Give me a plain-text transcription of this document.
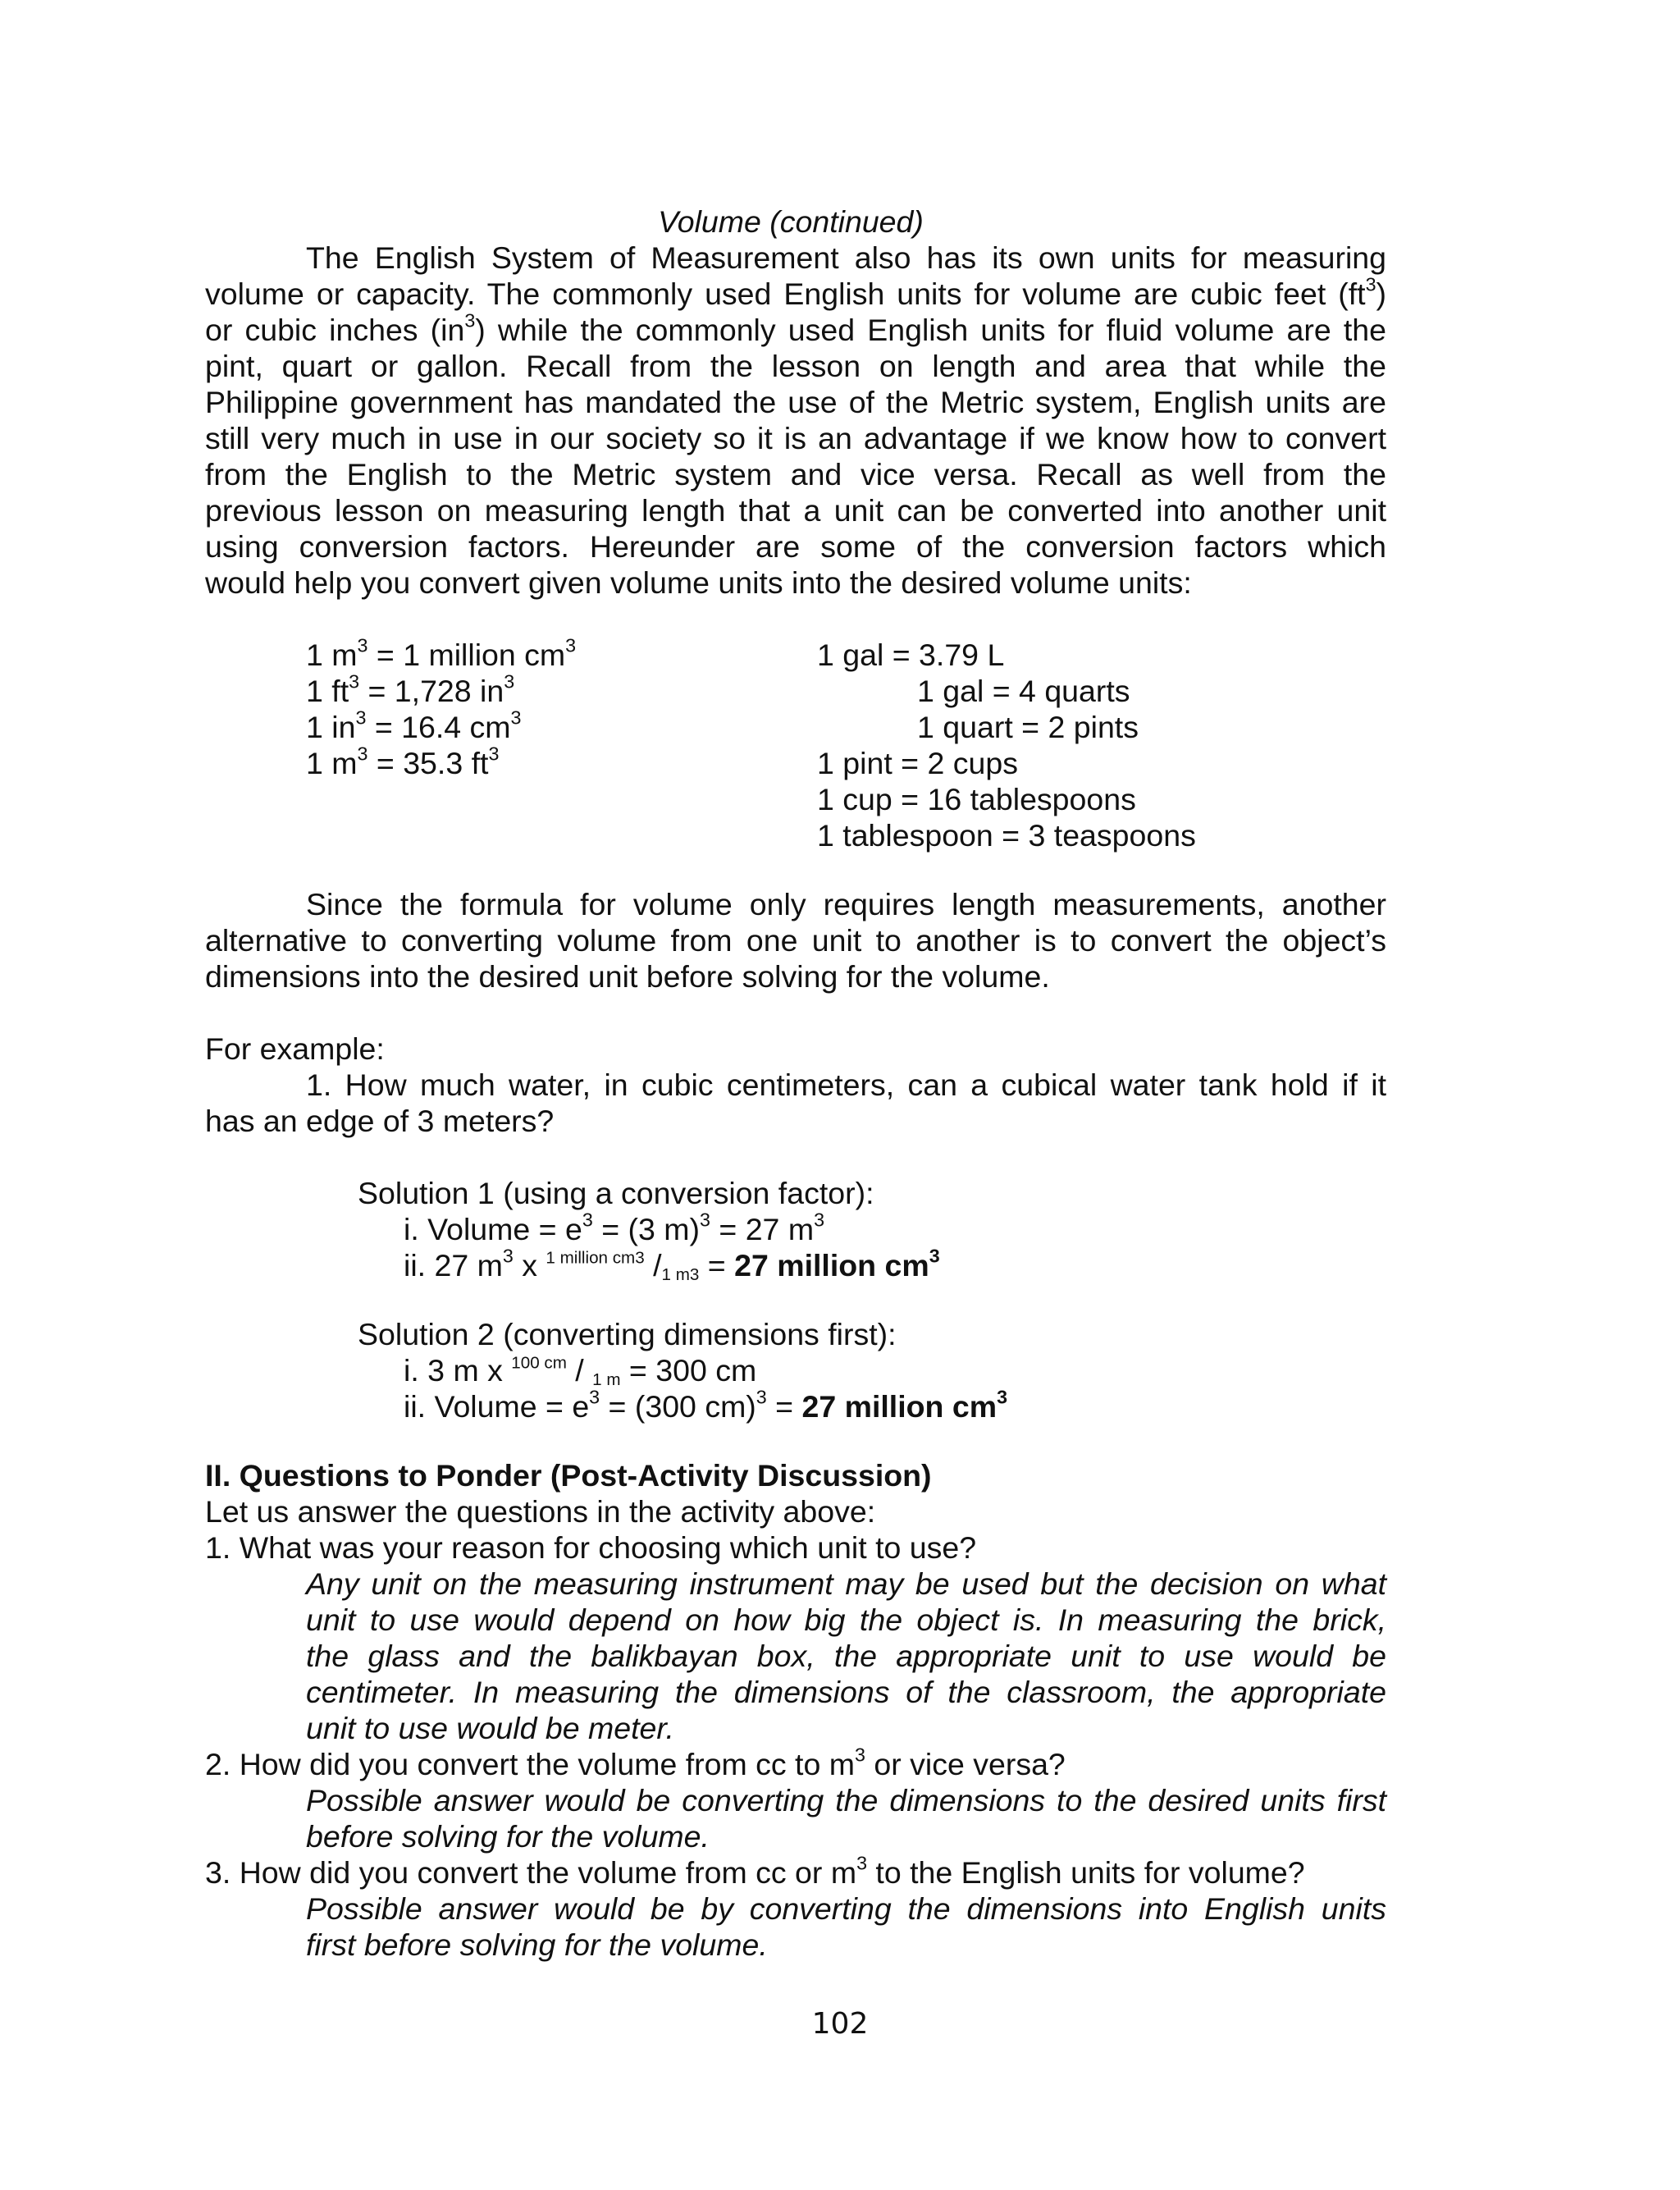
Volume (continued)
The English System of Measurement also has its own units for measuring
volume or capacity. The commonly used English units for volume are cubic feet $(ft^3)$
or cubic inches $(in^3)$ while the commonly used English units for fluid volume are the
pint, quart or gallon. Recall from the lesson on length and area that while the
Philippine government has mandated the use of the Metric system, English units are
still very much in use in our society so it is an advantage if we know how to convert
from the English to the Metric system and vice versa. Recall as well from the
previous lesson on measuring length that a unit can be converted into another unit
using conversion factors. Hereunder are some of the conversion factors which
would help you convert given volume units into the desired volume units:
1 $m^3 = 1$ million $cm^3$
1 $ft^3 = 1,728$ $in^3$
1 $in^3 = 16.4$ $cm^3$
1 $m^3 = 35.3$ $ft^3$
1 gal = 3.79 L
1 gal = 4 quarts
1 quart = 2 pints
1 pint = 2 cups
1 cup = 16 tablespoons
1 tablespoon = 3 teaspoons
Since the formula for volume only requires length measurements, another
alternative to converting volume from one unit to another is to convert the object’s
dimensions into the desired unit before solving for the volume.
For example:
1. How much water, in cubic centimeters, can a cubical water tank hold if it
has an edge of 3 meters?
Solution 1 (using a conversion factor):
i. Volume = $e^3 = (3$ m)$^3$ = 27 $m^3$
ii. 27 $m^3$ x $^{1 million cm3}$ $/_{1 m3} = 27$ million $cm^3$
Solution 2 (converting dimensions first):
i. 3 m x $^{100 cm}$ / $_{1 m}$ = 300 cm
ii. Volume = $e^3 = (300$ cm)$^3$ = 27 million $cm^3$
II. Questions to Ponder (Post-Activity Discussion)
Let us answer the questions in the activity above:
1. What was your reason for choosing which unit to use?
Any unit on the measuring instrument may be used but the decision on what
unit to use would depend on how big the object is. In measuring the brick,
the glass and the balikbayan box, the appropriate unit to use would be
centimeter. In measuring the dimensions of the classroom, the appropriate
unit to use would be meter.
2. How did you convert the volume from cc to $m^3$ or vice versa?
Possible answer would be converting the dimensions to the desired units first
before solving for the volume.
3. How did you convert the volume from cc or $m^3$ to the English units for volume?
Possible answer would be by converting the dimensions into English units
first before solving for the volume.
102
